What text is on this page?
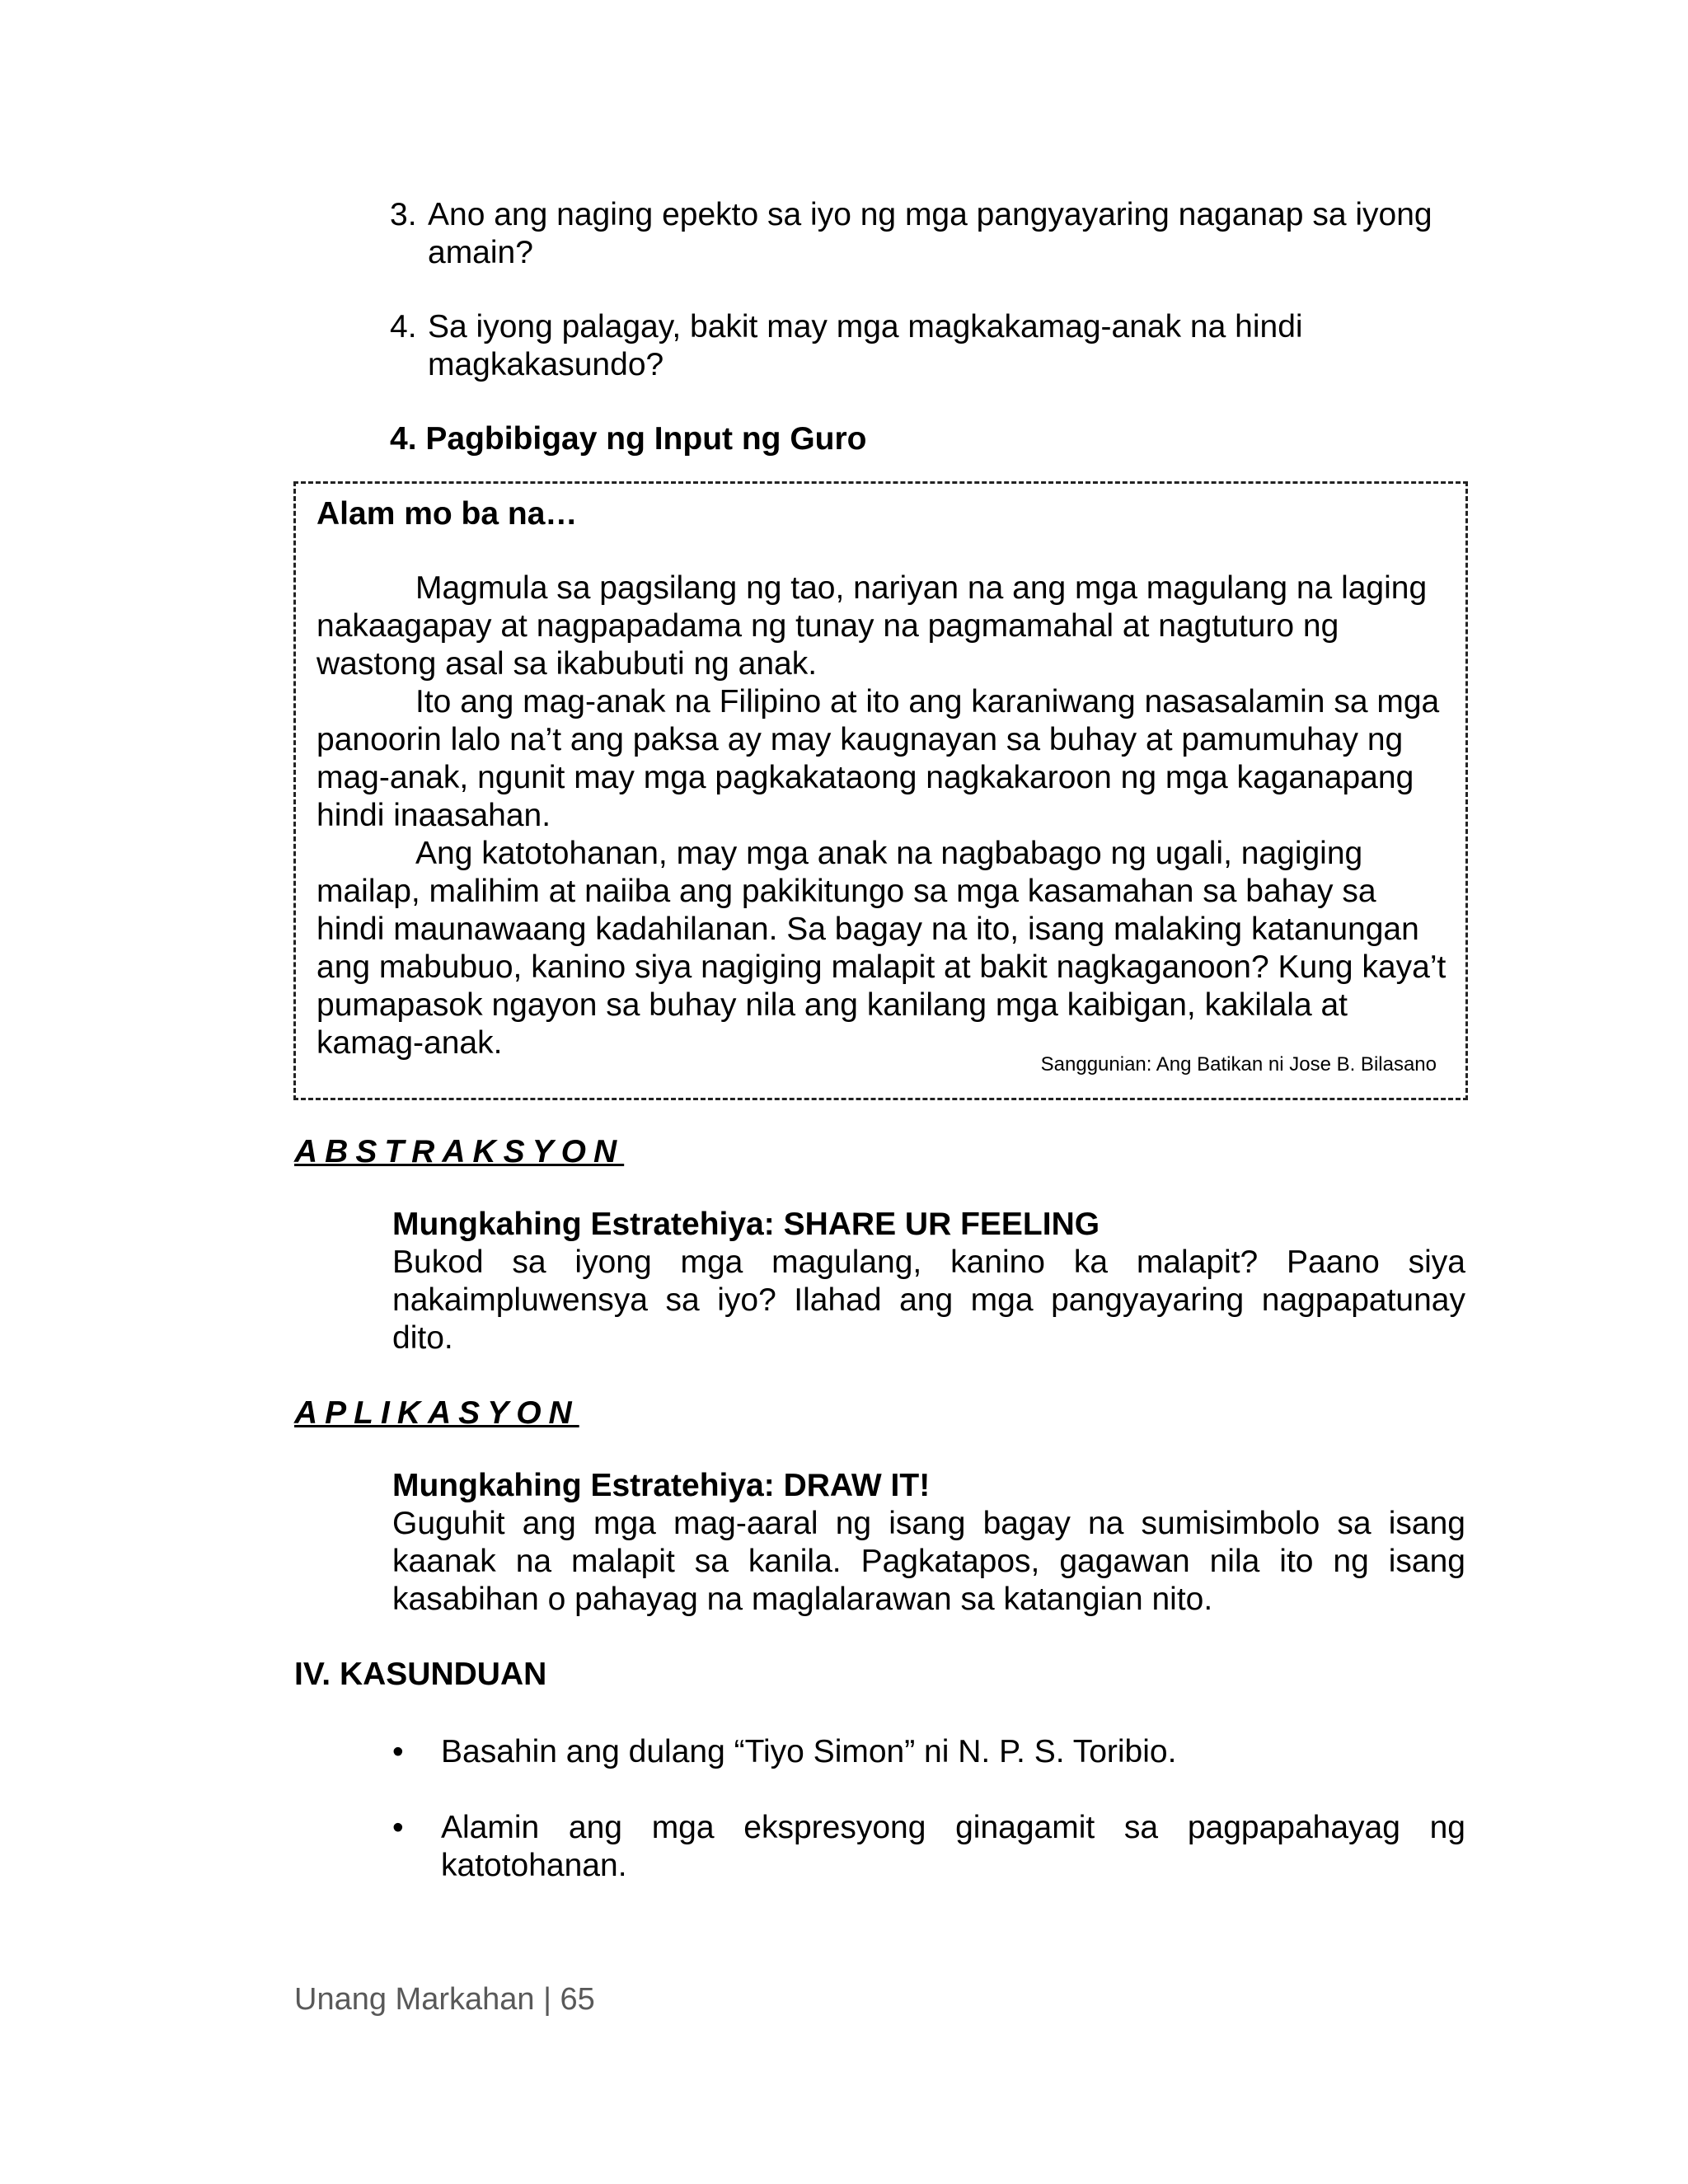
3. Ano ang naging epekto sa iyo ng mga pangyayaring naganap sa iyong amain?
4. Sa iyong palagay, bakit may mga magkakamag-anak na hindi magkakasundo?
4. Pagbibigay ng Input ng Guro
Alam mo ba na…

Magmula sa pagsilang ng tao, nariyan na ang mga magulang na laging nakaagapay at nagpapadama ng tunay na pagmamahal at nagtuturo ng wastong asal sa ikabubuti ng anak.

Ito ang mag-anak na Filipino at ito ang karaniwang nasasalamin sa mga panoorin lalo na’t ang paksa ay may kaugnayan sa buhay at pamumuhay ng mag-anak, ngunit may mga pagkakataong nagkakaroon ng mga kaganapang hindi inaasahan.

Ang katotohanan, may mga anak na nagbabago ng ugali, nagiging mailap, malihim at naiiba ang pakikitungo sa mga kasamahan sa bahay sa hindi maunawaang kadahilanan. Sa bagay na ito, isang malaking katanungan ang mabubuo, kanino siya nagiging malapit at bakit nagkaganoon? Kung kaya’t pumapasok ngayon sa buhay nila ang kanilang mga kaibigan, kakilala at kamag-anak.

Sanggunian: Ang Batikan ni Jose B. Bilasano
ABSTRAKSYON
Mungkahing Estratehiya: SHARE UR FEELING
Bukod sa iyong mga magulang, kanino ka malapit? Paano siya nakaimpluwensya sa iyo? Ilahad ang mga pangyayaring nagpapatunay dito.
APLIKASYON
Mungkahing Estratehiya: DRAW IT!
Guguhit ang mga mag-aaral ng isang bagay na sumisimbolo sa isang kaanak na malapit sa kanila. Pagkatapos, gagawan nila ito ng isang kasabihan o pahayag na maglalarawan sa katangian nito.
IV. KASUNDUAN
• Basahin ang dulang “Tiyo Simon” ni N. P. S. Toribio.
• Alamin ang mga ekspresyong ginagamit sa pagpapahayag ng katotohanan.
Unang Markahan | 65
